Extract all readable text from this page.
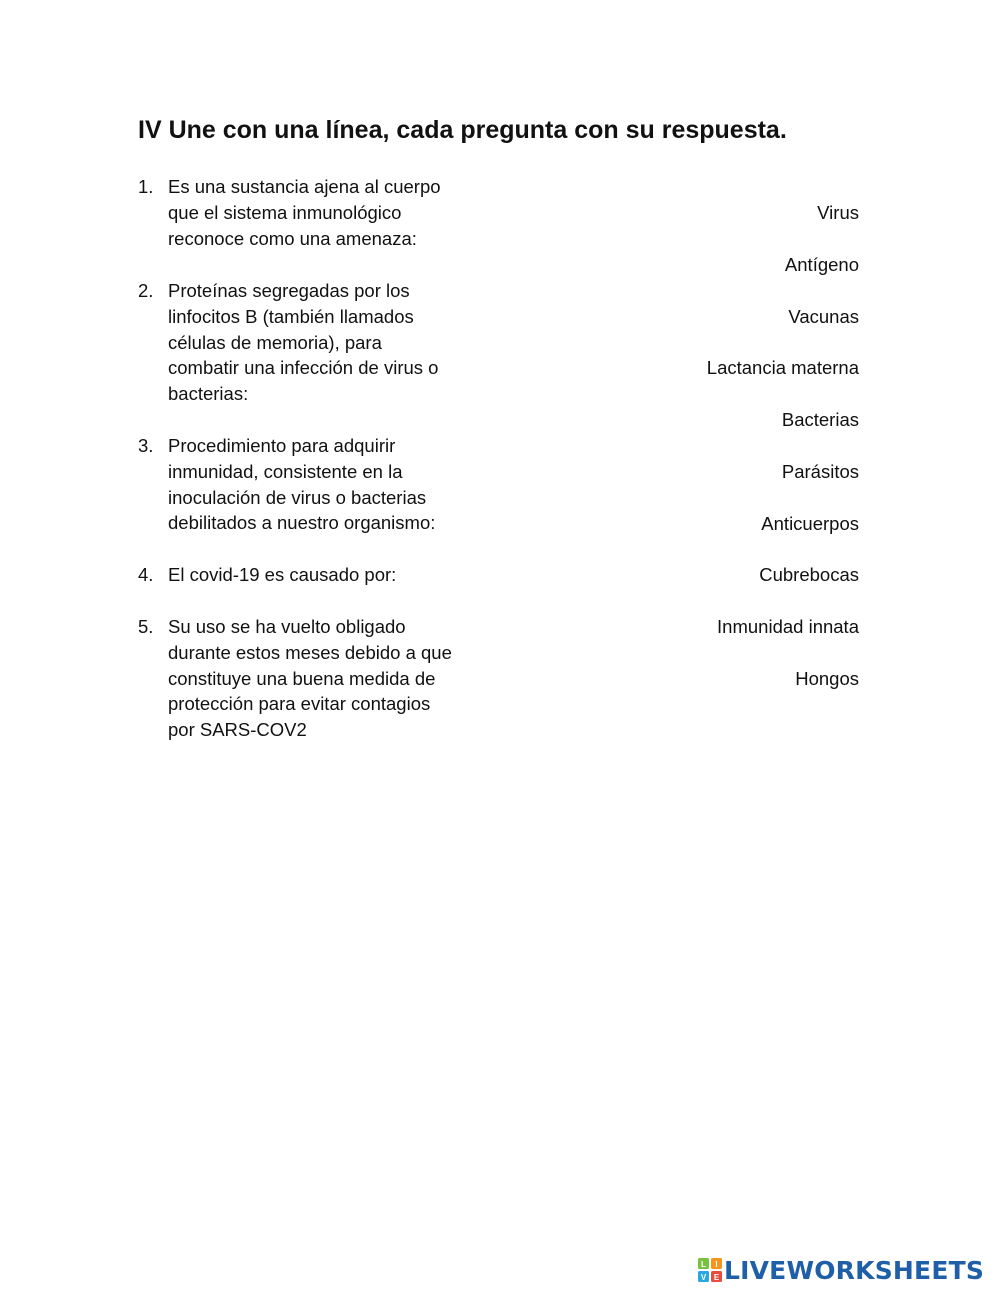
IV Une con una línea, cada pregunta con su respuesta.
1. Es una sustancia ajena al cuerpo
que el sistema inmunológico
reconoce como una amenaza:
2. Proteínas segregadas por los
linfocitos B (también llamados
células de memoria), para
combatir una infección de virus o
bacterias:
3. Procedimiento para adquirir
inmunidad, consistente en la
inoculación de virus o bacterias
debilitados a nuestro organismo:
4. El covid-19 es causado por:
5. Su uso se ha vuelto obligado
durante estos meses debido a que
constituye una buena medida de
protección para evitar contagios
por SARS-COV2
Virus
Antígeno
Vacunas
Lactancia materna
Bacterias
Parásitos
Anticuerpos
Cubrebocas
Inmunidad innata
Hongos
L I
V E LIVEWORKSHEETS
